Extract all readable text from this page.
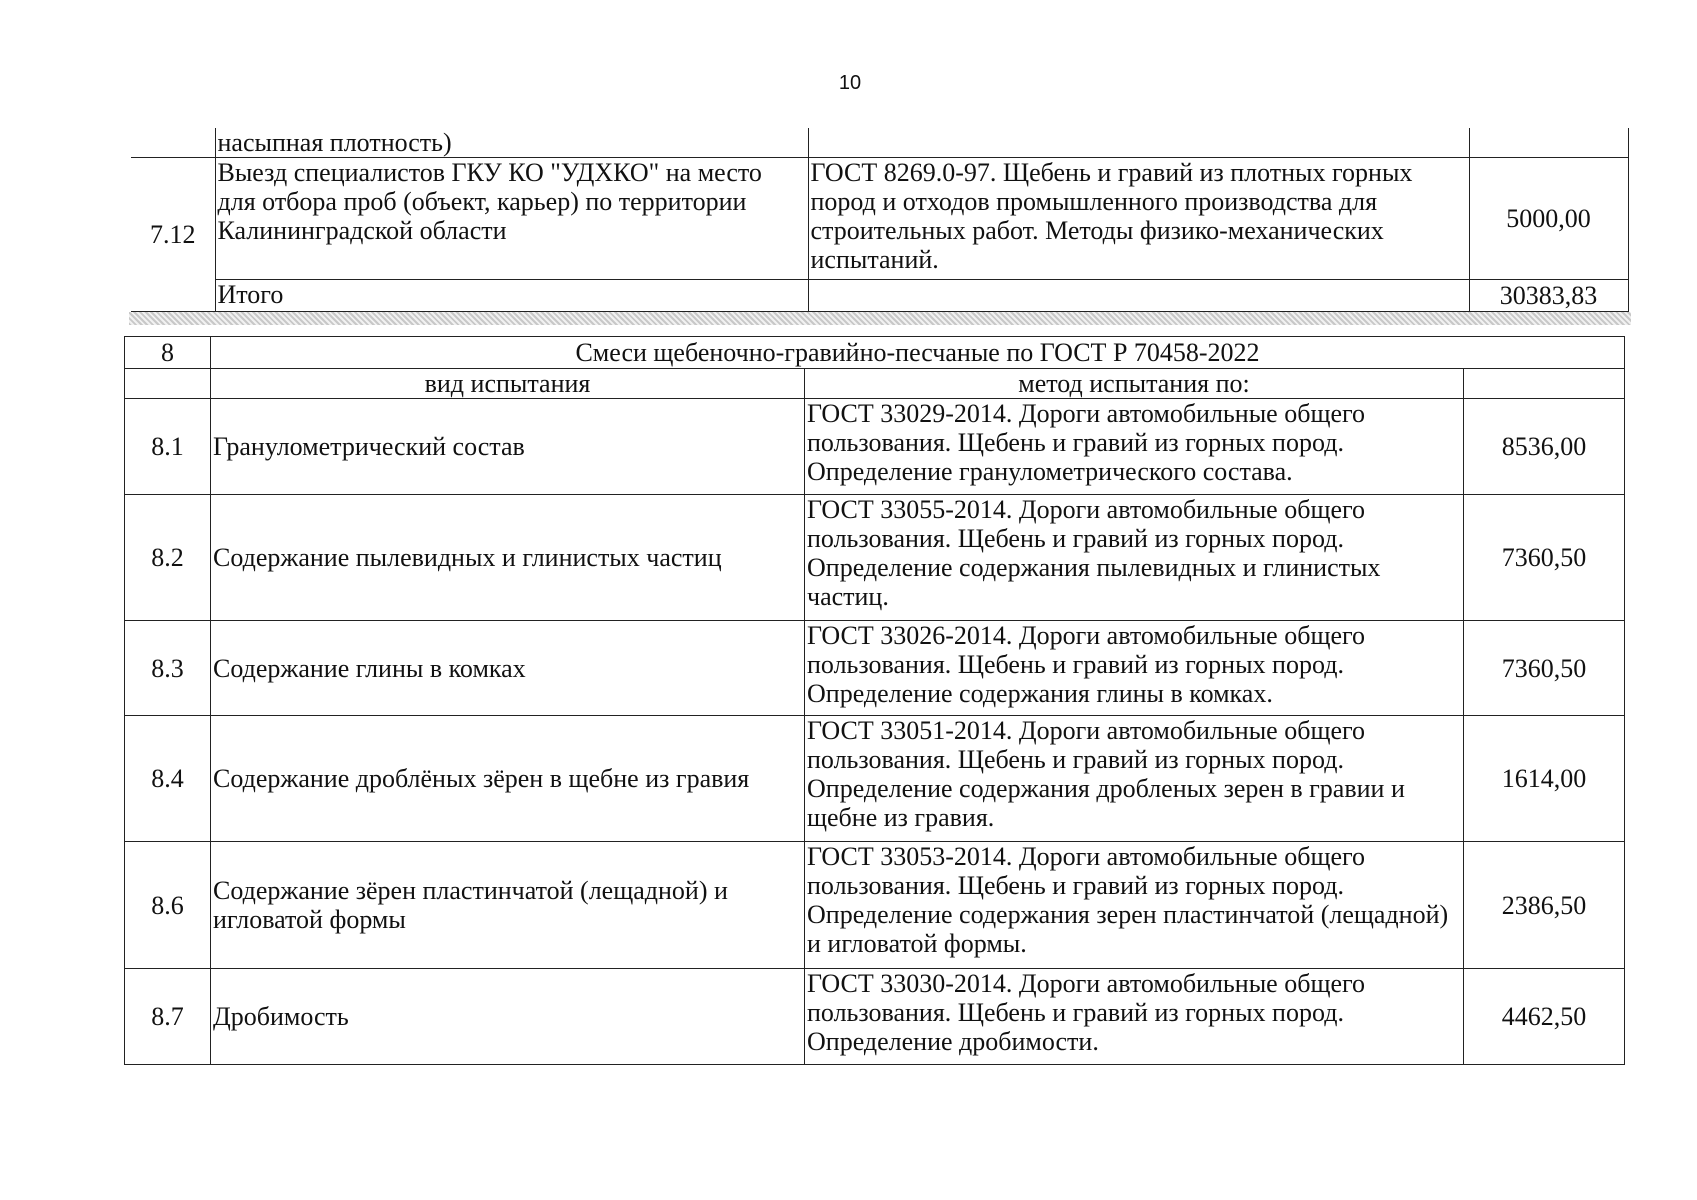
10
	насыпная плотность)		
7.12	Выезд специалистов ГКУ КО "УДХКО" на место для отбора проб (объект, карьер) по территории Калининградской области	ГОСТ 8269.0-97. Щебень и гравий из плотных горных пород и отходов промышленного производства для строительных работ. Методы физико-механических испытаний.	5000,00
	Итого		30383,83
8	Смеси щебеночно-гравийно-песчаные по ГОСТ Р 70458-2022		
	вид испытания	метод испытания по:	
8.1	Гранулометрический состав	ГОСТ 33029-2014. Дороги автомобильные общего пользования. Щебень и гравий из горных пород. Определение гранулометрического состава.	8536,00
8.2	Содержание пылевидных и глинистых частиц	ГОСТ 33055-2014. Дороги автомобильные общего пользования. Щебень и гравий из горных пород. Определение содержания пылевидных и глинистых частиц.	7360,50
8.3	Содержание глины в комках	ГОСТ 33026-2014. Дороги автомобильные общего пользования. Щебень и гравий из горных пород. Определение содержания глины в комках.	7360,50
8.4	Содержание дроблёных зёрен в щебне из гравия	ГОСТ 33051-2014. Дороги автомобильные общего пользования. Щебень и гравий из горных пород. Определение содержания дробленых зерен в гравии и щебне из гравия.	1614,00
8.6	Содержание зёрен пластинчатой (лещадной) и игловатой формы	ГОСТ 33053-2014. Дороги автомобильные общего пользования. Щебень и гравий из горных пород. Определение содержания зерен пластинчатой (лещадной) и игловатой формы.	2386,50
8.7	Дробимость	ГОСТ 33030-2014. Дороги автомобильные общего пользования. Щебень и гравий из горных пород. Определение дробимости.	4462,50
